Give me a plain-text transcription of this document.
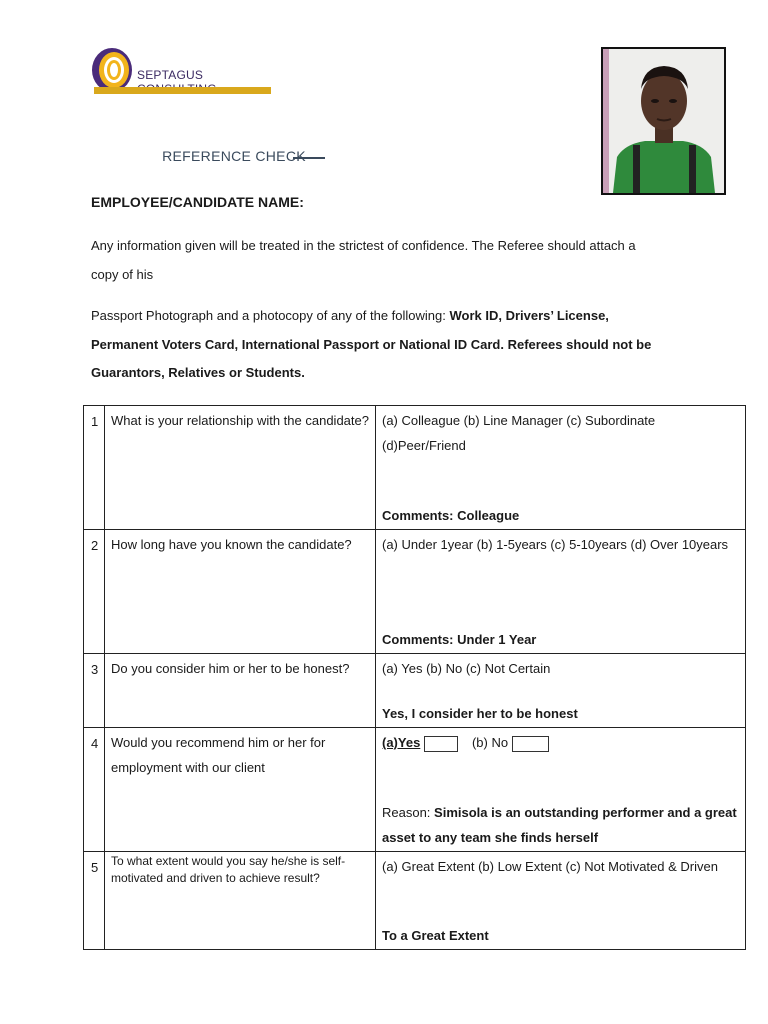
SEPTAGUS
REFERENCE CHECK
EMPLOYEE/CANDIDATE NAME:
Any information given will be treated in the strictest of confidence. The Referee should attach a
copy of his
Passport Photograph and a photocopy of any of the following: Work ID, Drivers’ License,
Permanent Voters Card, International Passport or National ID Card. Referees should not be
Guarantors, Relatives or Students.
1	What is your relationship with the candidate?	(a) Colleague (b) Line Manager (c) Subordinate (d)Peer/Friend
Comments: Colleague

2	How long have you known the candidate?	(a) Under 1year (b) 1-5years (c) 5-10years (d) Over 10years
Comments: Under 1 Year

3	Do you consider him or her to be honest?	(a) Yes (b) No (c) Not Certain
Yes, I consider her to be honest

4	Would you recommend him or her for employment with our client	(a)Yes (b) No
Reason: Simisola is an outstanding performer and a great asset to any team she finds herself

5	To what extent would you say he/she is self-motivated and driven to achieve result?	(a) Great Extent (b) Low Extent (c) Not Motivated & Driven
To a Great Extent
